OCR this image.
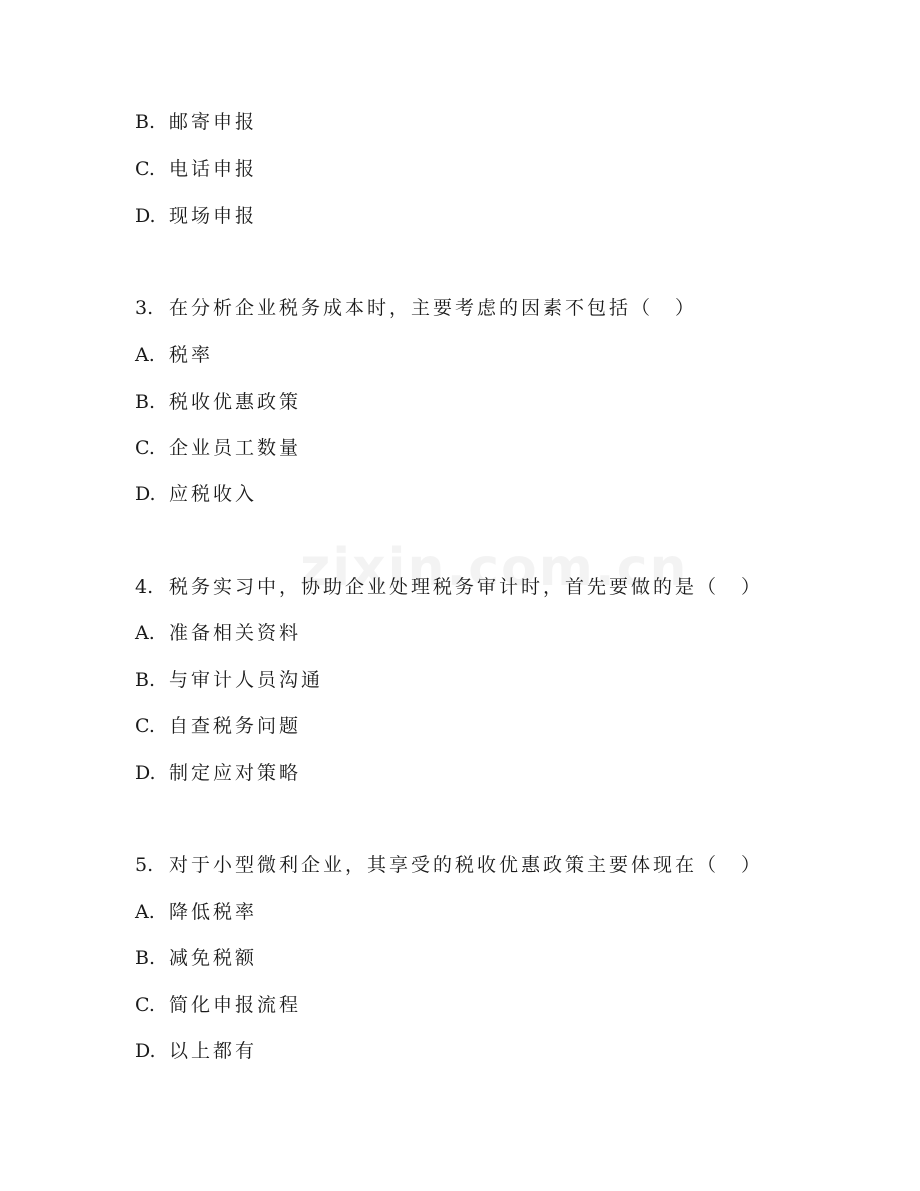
B. 邮寄申报
C. 电话申报
D. 现场申报
3. 在分析企业税务成本时，主要考虑的因素不包括（　）
A. 税率
B. 税收优惠政策
C. 企业员工数量
D. 应税收入
4. 税务实习中，协助企业处理税务审计时，首先要做的是（　）
A. 准备相关资料
B. 与审计人员沟通
C. 自查税务问题
D. 制定应对策略
5. 对于小型微利企业，其享受的税收优惠政策主要体现在（　）
A. 降低税率
B. 减免税额
C. 简化申报流程
D. 以上都有
